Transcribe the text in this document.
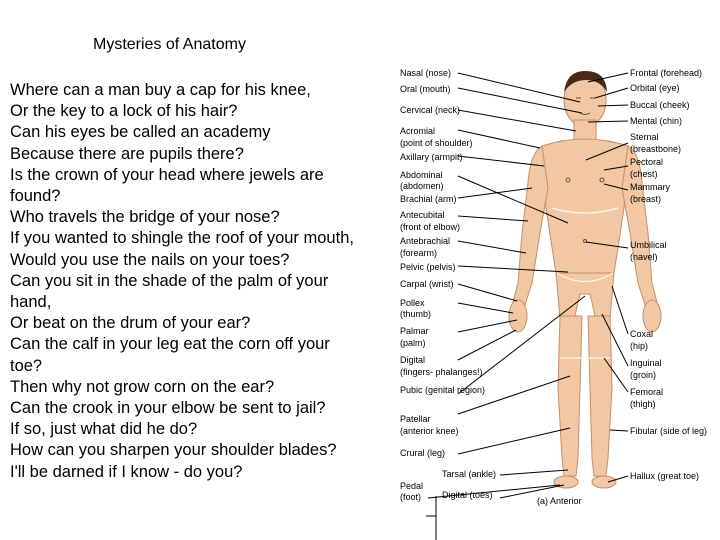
Mysteries of Anatomy
Where can a man buy a cap for his knee,
Or the key to a lock of his hair?
Can his eyes be called an academy
Because there are pupils there?
Is the crown of your head where jewels are
found?
Who travels the bridge of your nose?
If you wanted to shingle the roof of your mouth,
Would you use the nails on your toes?
Can you sit in the shade of the palm of your
hand,
Or beat on the drum of your ear?
Can the calf in your leg eat the corn off your
toe?
Then why not grow corn on the ear?
Can the crook in your elbow be sent to jail?
If so, just what did he do?
How can you sharpen your shoulder blades?
I'll be darned if I know - do you?
Nasal (nose)
Oral (mouth)
Cervical (neck)
Acromial
(point of shoulder)
Axillary (armpit)
Abdominal
(abdomen)
Brachial (arm)
Antecubital
(front of elbow)
Antebrachial
(forearm)
Pelvic (pelvis)
Carpal (wrist)
Pollex
(thumb)
Palmar
(palm)
Digital
(fingers- phalanges!)
Pubic (genital region)
Patellar
(anterior knee)
Crural (leg)
Tarsal (ankle)
Pedal
(foot) Digital (toes)
Frontal (forehead)
Orbital (eye)
Buccal (cheek)
Mental (chin)
Sternal
(breastbone)
Pectoral
(chest)
Mammary
(breast)
Umbilical
(navel)
Coxal
(hip)
Inguinal
(groin)
Femoral
(thigh)
Fibular (side of leg)
Hallux (great toe)
(a) Anterior
